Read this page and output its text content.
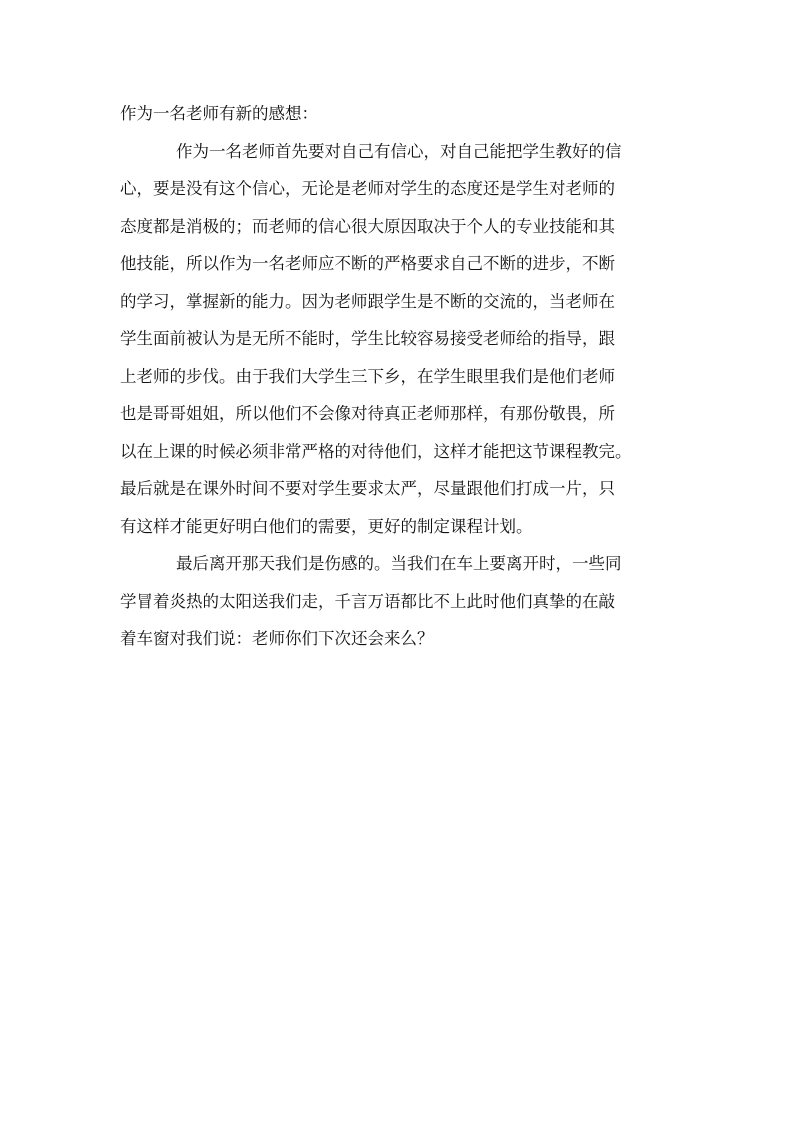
作为一名老师有新的感想：
作为一名老师首先要对自己有信心，对自己能把学生教好的信
心，要是没有这个信心，无论是老师对学生的态度还是学生对老师的
态度都是消极的；而老师的信心很大原因取决于个人的专业技能和其
他技能，所以作为一名老师应不断的严格要求自己不断的进步，不断
的学习，掌握新的能力。因为老师跟学生是不断的交流的，当老师在
学生面前被认为是无所不能时，学生比较容易接受老师给的指导，跟
上老师的步伐。由于我们大学生三下乡，在学生眼里我们是他们老师
也是哥哥姐姐，所以他们不会像对待真正老师那样，有那份敬畏，所
以在上课的时候必须非常严格的对待他们，这样才能把这节课程教完。
最后就是在课外时间不要对学生要求太严，尽量跟他们打成一片，只
有这样才能更好明白他们的需要，更好的制定课程计划。
最后离开那天我们是伤感的。当我们在车上要离开时，一些同
学冒着炎热的太阳送我们走，千言万语都比不上此时他们真挚的在敲
着车窗对我们说：老师你们下次还会来么？
